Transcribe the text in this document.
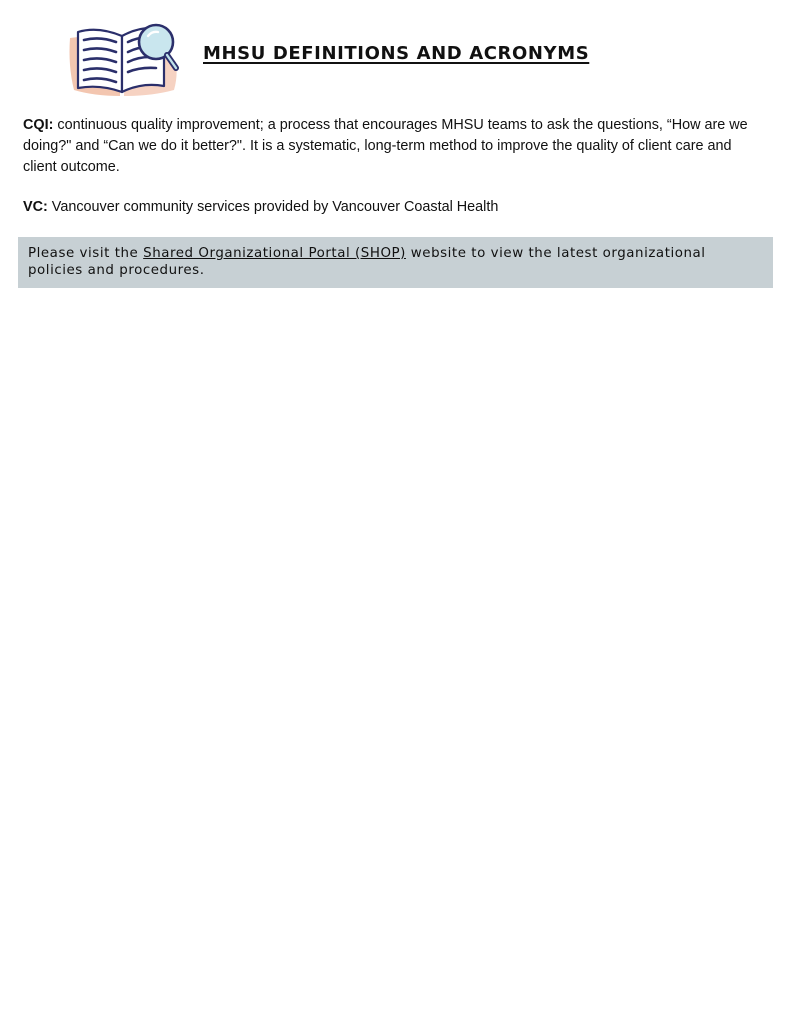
MHSU DEFINITIONS AND ACRONYMS

CQI: continuous quality improvement; a process that encourages MHSU teams to ask the questions, “How are we doing?" and “Can we do it better?". It is a systematic, long-term method to improve the quality of client care and client outcome.

VC: Vancouver community services provided by Vancouver Coastal Health

Please visit the Shared Organizational Portal (SHOP) website to view the latest organizational policies and procedures.
